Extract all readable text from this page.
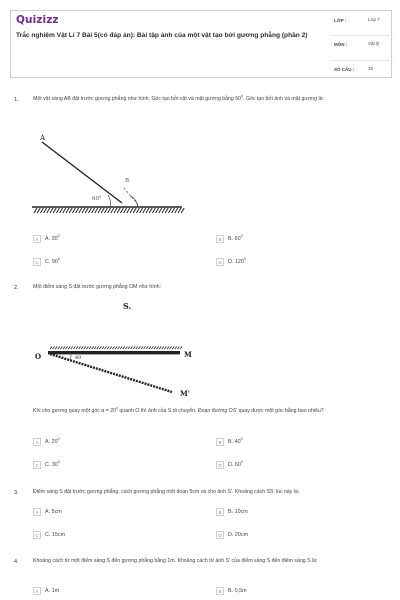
Quizizz
Trắc nghiệm Vật Lí 7 Bài 5(có đáp án): Bài tập ảnh của một vật tạo bởi gương phẳng (phần 2)
LỚP :	Lớp 7
MÔN :	Vật lý
SỐ CÂU :	15
1.	Một vật sáng AB đặt trước gương phẳng như hình. Góc tạo bởi vật và mặt gương bằng $60^0$. Góc tạo bởi ảnh và mặt gương là:
A
B
$60^0$
A	A. $30^0$
B	B. $60^0$
C	C. $90^0$
D	D. $120^0$
2.	Một điểm sáng S đặt trước gương phẳng OM như hình:
S.
O	40	M
M'
Khi cho gương quay một góc $\alpha = 20^0$ quanh O thì ảnh của S di chuyển. Đoạn đường OS' quay được một góc bằng bao nhiêu?
A	A. $20^0$
B	B. $40^0$
C	C. $30^0$
D	D. $60^0$
3.	Điểm sáng S đặt trước gương phẳng, cách gương phẳng một đoạn 5cm và cho ảnh S'. Khoảng cách SS' lúc này là:
A	A. 5cm	B	B. 10cm
C	C. 15cm	D	D. 20cm
4.	Khoảng cách từ một điểm sáng S đến gương phẳng bằng 1m. Khoảng cách từ ảnh S' của điểm sáng S đến điểm sáng S là:
A	A. 1m	B	B. 0,5m
